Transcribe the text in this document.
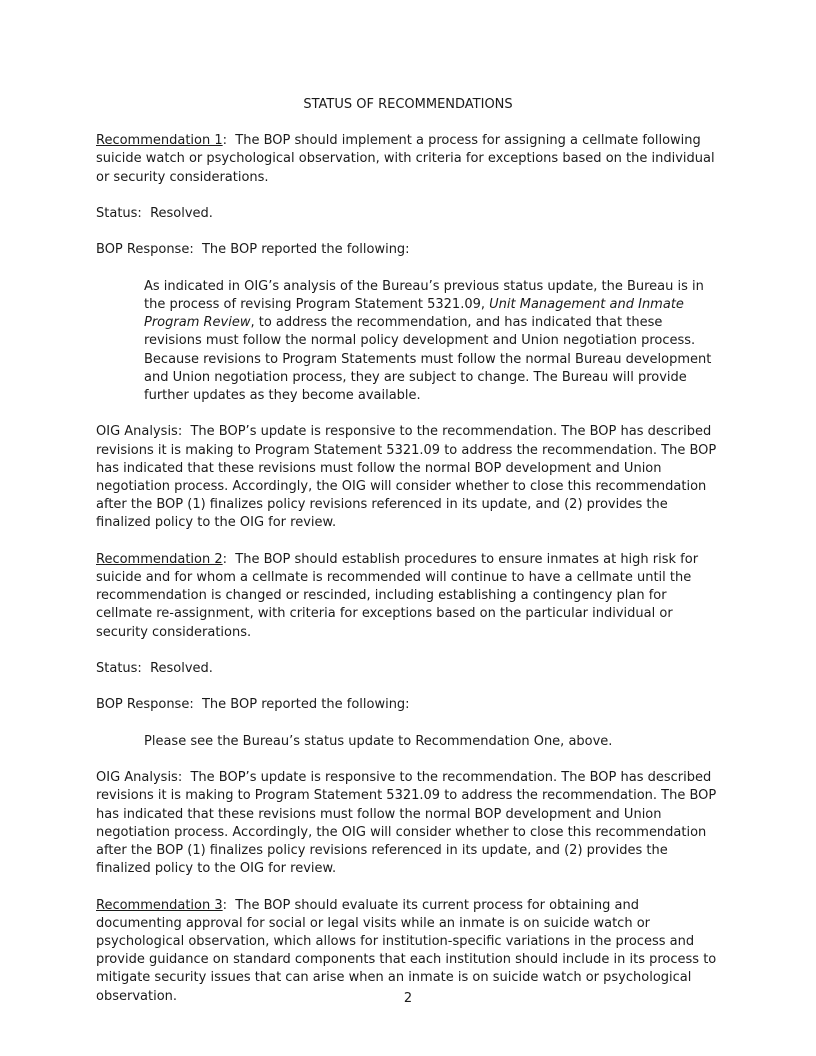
STATUS OF RECOMMENDATIONS

Recommendation 1:  The BOP should implement a process for assigning a cellmate following suicide watch or psychological observation, with criteria for exceptions based on the individual or security considerations.

Status: Resolved.

BOP Response: The BOP reported the following:

As indicated in OIG’s analysis of the Bureau’s previous status update, the Bureau is in the process of revising Program Statement 5321.09, Unit Management and Inmate Program Review, to address the recommendation, and has indicated that these revisions must follow the normal policy development and Union negotiation process. Because revisions to Program Statements must follow the normal Bureau development and Union negotiation process, they are subject to change. The Bureau will provide further updates as they become available.

OIG Analysis: The BOP’s update is responsive to the recommendation. The BOP has described revisions it is making to Program Statement 5321.09 to address the recommendation. The BOP has indicated that these revisions must follow the normal BOP development and Union negotiation process. Accordingly, the OIG will consider whether to close this recommendation after the BOP (1) finalizes policy revisions referenced in its update, and (2) provides the finalized policy to the OIG for review.

Recommendation 2:  The BOP should establish procedures to ensure inmates at high risk for suicide and for whom a cellmate is recommended will continue to have a cellmate until the recommendation is changed or rescinded, including establishing a contingency plan for cellmate re-assignment, with criteria for exceptions based on the particular individual or security considerations.

Status: Resolved.

BOP Response: The BOP reported the following:

Please see the Bureau’s status update to Recommendation One, above.

OIG Analysis: The BOP’s update is responsive to the recommendation. The BOP has described revisions it is making to Program Statement 5321.09 to address the recommendation. The BOP has indicated that these revisions must follow the normal BOP development and Union negotiation process. Accordingly, the OIG will consider whether to close this recommendation after the BOP (1) finalizes policy revisions referenced in its update, and (2) provides the finalized policy to the OIG for review.

Recommendation 3:  The BOP should evaluate its current process for obtaining and documenting approval for social or legal visits while an inmate is on suicide watch or psychological observation, which allows for institution-specific variations in the process and provide guidance on standard components that each institution should include in its process to mitigate security issues that can arise when an inmate is on suicide watch or psychological observation.	2
